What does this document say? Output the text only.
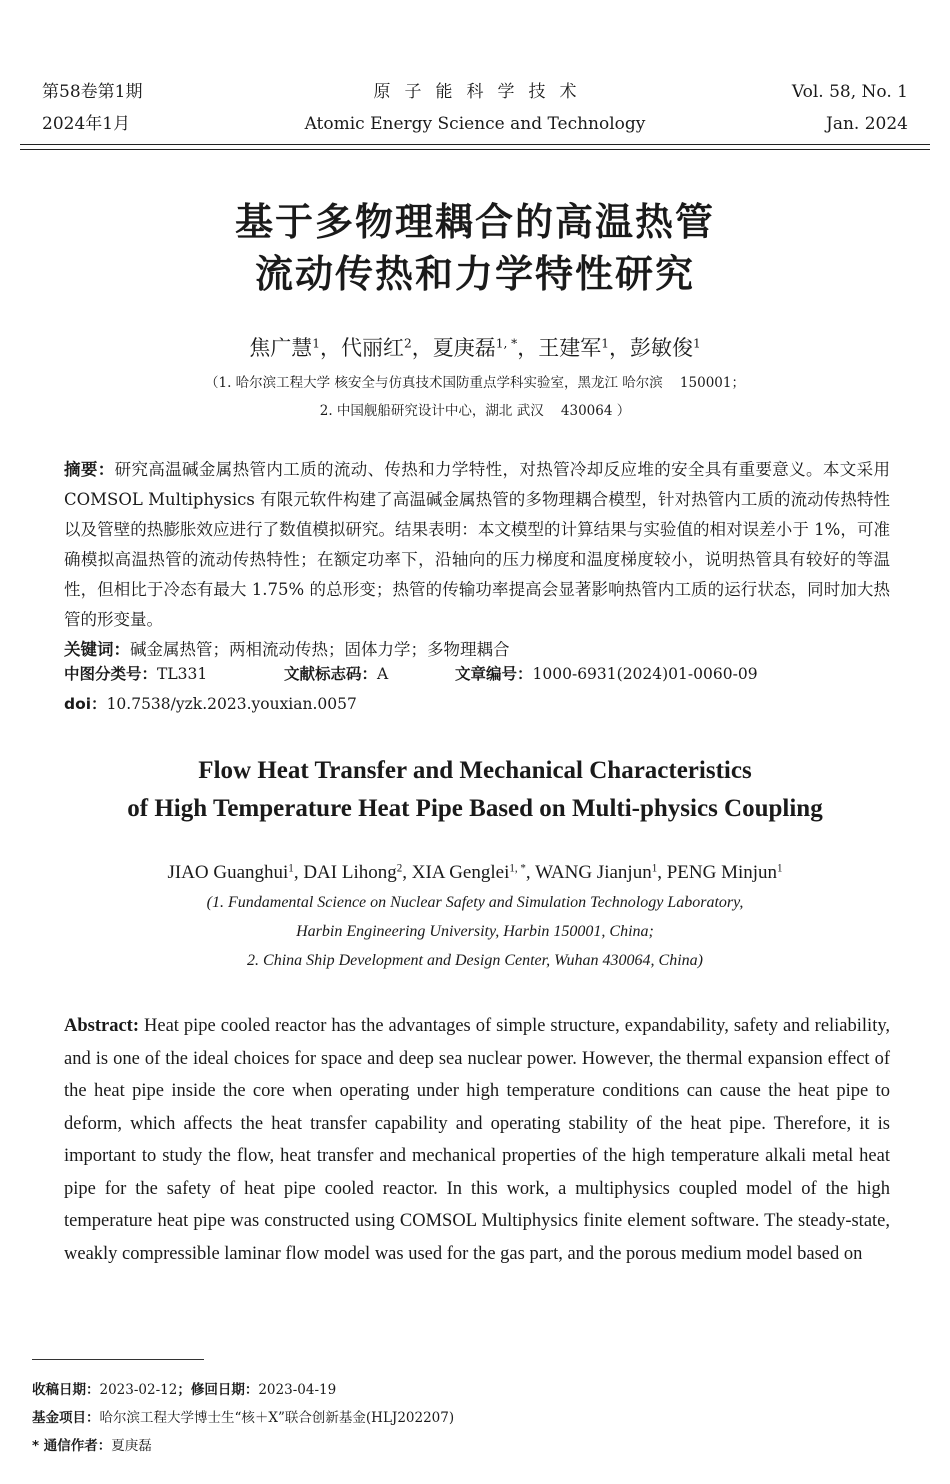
第58卷第1期
2024年1月
原子能科学技术
Atomic Energy Science and Technology
Vol. 58, No. 1
Jan. 2024
基于多物理耦合的高温热管
流动传热和力学特性研究
焦广慧$^1$，代丽红$^2$，夏庚磊$^{1, *}$，王建军$^1$，彭敏俊$^1$
（1. 哈尔滨工程大学 核安全与仿真技术国防重点学科实验室，黑龙江 哈尔滨    150001；
2. 中国舰船研究设计中心，湖北 武汉    430064 ）
摘要：研究高温碱金属热管内工质的流动、传热和力学特性，对热管冷却反应堆的安全具有重要意义。本文采用 COMSOL Multiphysics 有限元软件构建了高温碱金属热管的多物理耦合模型，针对热管内工质的流动传热特性以及管壁的热膨胀效应进行了数值模拟研究。结果表明：本文模型的计算结果与实验值的相对误差小于 1%，可准确模拟高温热管的流动传热特性；在额定功率下，沿轴向的压力梯度和温度梯度较小，说明热管具有较好的等温性，但相比于冷态有最大 1.75% 的总形变；热管的传输功率提高会显著影响热管内工质的运行状态，同时加大热管的形变量。
关键词：碱金属热管；两相流动传热；固体力学；多物理耦合
中图分类号：TL331	文献标志码：A	文章编号：1000-6931(2024)01-0060-09
doi：10.7538/yzk.2023.youxian.0057
Flow Heat Transfer and Mechanical Characteristics
of High Temperature Heat Pipe Based on Multi-physics Coupling
JIAO Guanghui$^1$, DAI Lihong$^2$, XIA Genglei$^{1, *}$, WANG Jianjun$^1$, PENG Minjun$^1$
(1. Fundamental Science on Nuclear Safety and Simulation Technology Laboratory,
Harbin Engineering University, Harbin 150001, China;
2. China Ship Development and Design Center, Wuhan 430064, China)
Abstract: Heat pipe cooled reactor has the advantages of simple structure, expandability, safety and reliability, and is one of the ideal choices for space and deep sea nuclear power. However, the thermal expansion effect of the heat pipe inside the core when operating under high temperature conditions can cause the heat pipe to deform, which affects the heat transfer capability and operating stability of the heat pipe. Therefore, it is important to study the flow, heat transfer and mechanical properties of the high temperature alkali metal heat pipe for the safety of heat pipe cooled reactor. In this work, a multiphysics coupled model of the high temperature heat pipe was constructed using COMSOL Multiphysics finite element software. The steady-state, weakly compressible laminar flow model was used for the gas part, and the porous medium model based on
收稿日期：2023-02-12；修回日期：2023-04-19
基金项目：哈尔滨工程大学博士生“核＋X”联合创新基金(HLJ202207)
* 通信作者：夏庚磊
